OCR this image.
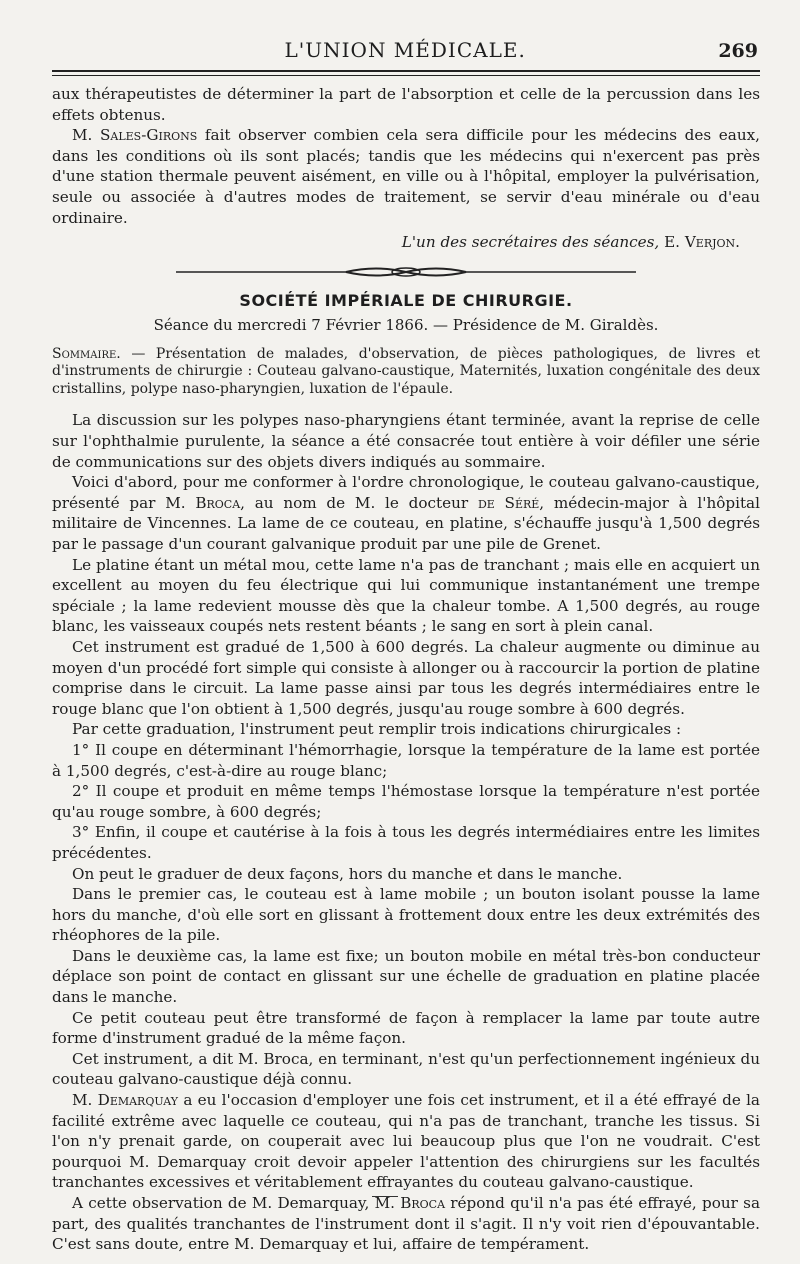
L'UNION MÉDICALE.	269

aux thérapeutistes de déterminer la part de l'absorption et celle de la percussion dans les effets obtenus.

M. Sales-Girons fait observer combien cela sera difficile pour les médecins des eaux, dans les conditions où ils sont placés; tandis que les médecins qui n'exercent pas près d'une station thermale peuvent aisément, en ville ou à l'hôpital, employer la pulvérisation, seule ou associée à d'autres modes de traitement, se servir d'eau minérale ou d'eau ordinaire.

L'un des secrétaires des séances, E. Verjon.

SOCIÉTÉ IMPÉRIALE DE CHIRURGIE.
Séance du mercredi 7 Février 1866. — Présidence de M. Giraldès.

Sommaire. — Présentation de malades, d'observation, de pièces pathologiques, de livres et d'instruments de chirurgie : Couteau galvano-caustique, Maternités, luxation congénitale des deux cristallins, polype naso-pharyngien, luxation de l'épaule.

La discussion sur les polypes naso-pharyngiens étant terminée, avant la reprise de celle sur l'ophthalmie purulente, la séance a été consacrée tout entière à voir défiler une série de communications sur des objets divers indiqués au sommaire.

Voici d'abord, pour me conformer à l'ordre chronologique, le couteau galvano-caustique, présenté par M. Broca, au nom de M. le docteur de Séré, médecin-major à l'hôpital militaire de Vincennes. La lame de ce couteau, en platine, s'échauffe jusqu'à 1,500 degrés par le passage d'un courant galvanique produit par une pile de Grenet.

Le platine étant un métal mou, cette lame n'a pas de tranchant ; mais elle en acquiert un excellent au moyen du feu électrique qui lui communique instantanément une trempe spéciale ; la lame redevient mousse dès que la chaleur tombe. A 1,500 degrés, au rouge blanc, les vaisseaux coupés nets restent béants ; le sang en sort à plein canal.

Cet instrument est gradué de 1,500 à 600 degrés. La chaleur augmente ou diminue au moyen d'un procédé fort simple qui consiste à allonger ou à raccourcir la portion de platine comprise dans le circuit. La lame passe ainsi par tous les degrés intermédiaires entre le rouge blanc que l'on obtient à 1,500 degrés, jusqu'au rouge sombre à 600 degrés.

Par cette graduation, l'instrument peut remplir trois indications chirurgicales :

1° Il coupe en déterminant l'hémorrhagie, lorsque la température de la lame est portée à 1,500 degrés, c'est-à-dire au rouge blanc;

2° Il coupe et produit en même temps l'hémostase lorsque la température n'est portée qu'au rouge sombre, à 600 degrés;

3° Enfin, il coupe et cautérise à la fois à tous les degrés intermédiaires entre les limites précédentes.

On peut le graduer de deux façons, hors du manche et dans le manche.

Dans le premier cas, le couteau est à lame mobile ; un bouton isolant pousse la lame hors du manche, d'où elle sort en glissant à frottement doux entre les deux extrémités des rhéophores de la pile.

Dans le deuxième cas, la lame est fixe; un bouton mobile en métal très-bon conducteur déplace son point de contact en glissant sur une échelle de graduation en platine placée dans le manche.

Ce petit couteau peut être transformé de façon à remplacer la lame par toute autre forme d'instrument gradué de la même façon.

Cet instrument, a dit M. Broca, en terminant, n'est qu'un perfectionnement ingénieux du couteau galvano-caustique déjà connu.

M. Demarquay a eu l'occasion d'employer une fois cet instrument, et il a été effrayé de la facilité extrême avec laquelle ce couteau, qui n'a pas de tranchant, tranche les tissus. Si l'on n'y prenait garde, on couperait avec lui beaucoup plus que l'on ne voudrait. C'est pourquoi M. Demarquay croit devoir appeler l'attention des chirurgiens sur les facultés tranchantes excessives et véritablement effrayantes du couteau galvano-caustique.

A cette observation de M. Demarquay, M. Broca répond qu'il n'a pas été effrayé, pour sa part, des qualités tranchantes de l'instrument dont il s'agit. Il n'y voit rien d'épouvantable. C'est sans doute, entre M. Demarquay et lui, affaire de tempérament.
